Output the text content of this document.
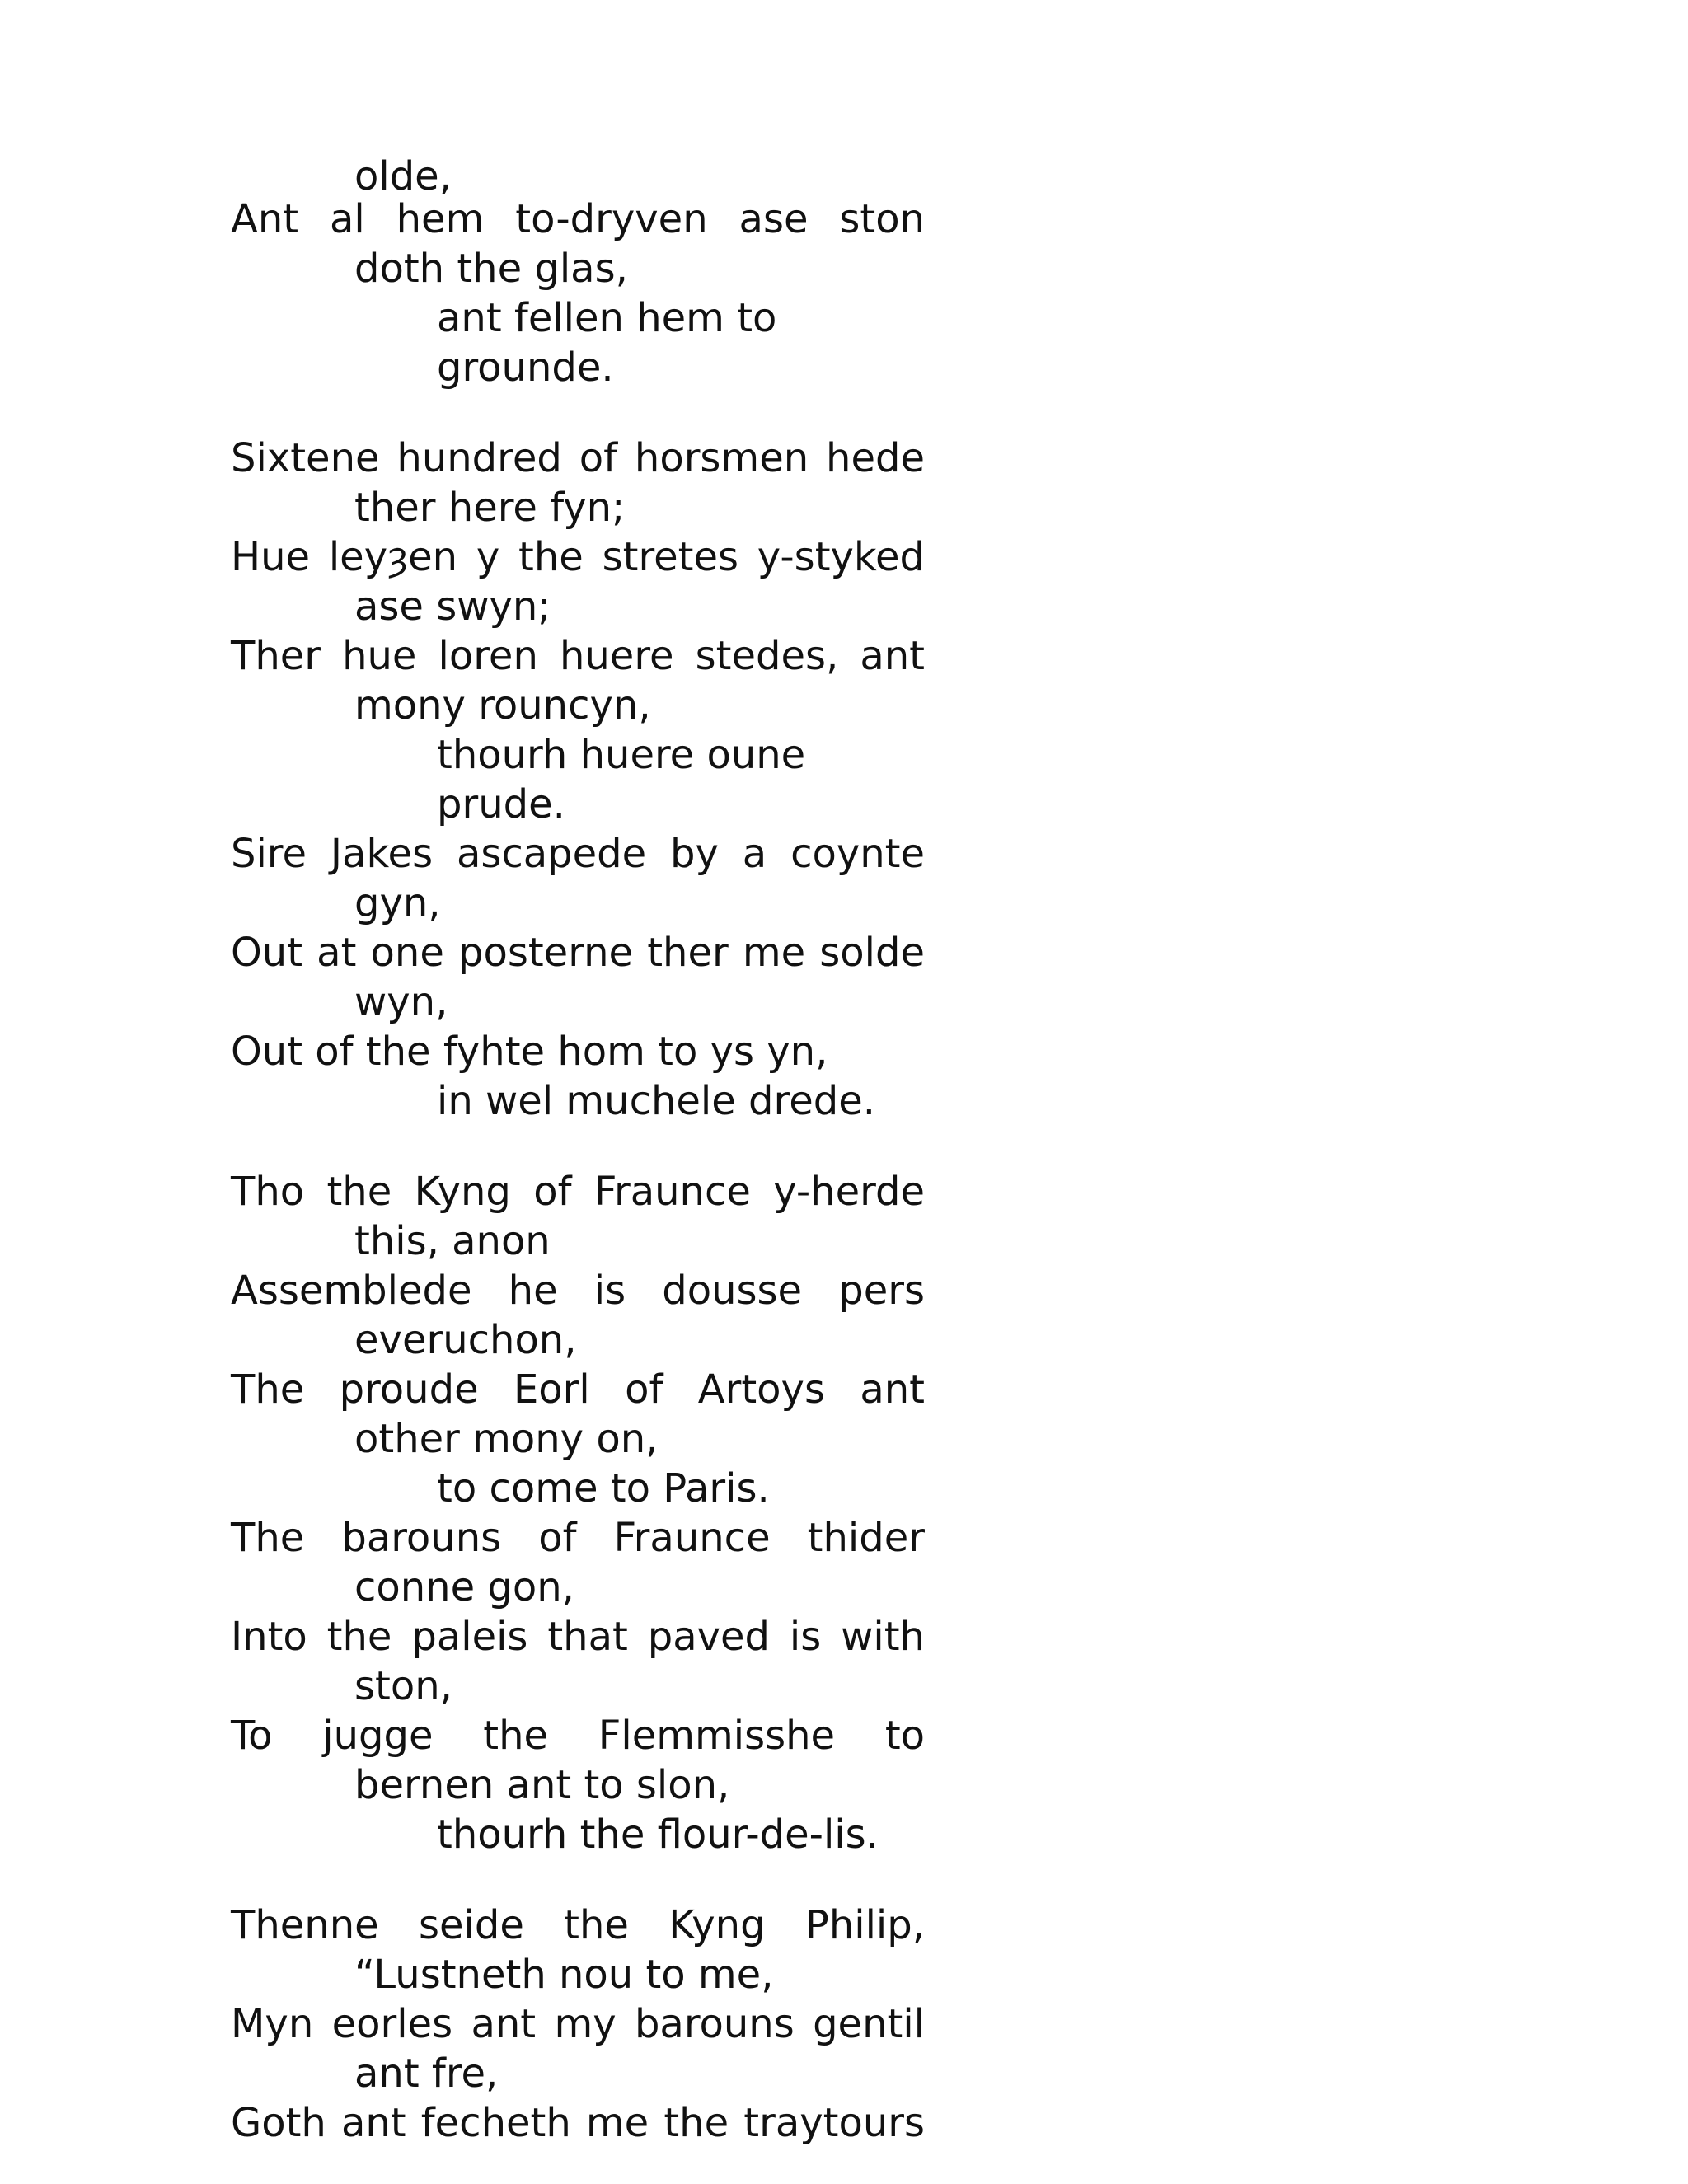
olde,

Ant al hem to-dryven ase ston doth the glas,

ant fellen hem to grounde.

Sixtene hundred of horsmen hede ther here fyn;

Hue leyȝen y the stretes y-styked ase swyn;

Ther hue loren huere stedes, ant mony rouncyn,

thourh huere oune prude.

Sire Jakes ascapede by a coynte gyn,

Out at one posterne ther me solde wyn,

Out of the fyhte hom to ys yn,

in wel muchele drede.

Tho the Kyng of Fraunce y-herde this, anon

Assemblede he is dousse pers everuchon,

The proude Eorl of Artoys ant other mony on,

to come to Paris.

The barouns of Fraunce thider conne gon,

Into the paleis that paved is with ston,

To jugge the Flemmisshe to bernen ant to slon,

thourh the flour-de-lis.

Thenne seide the Kyng Philip, “Lustneth nou to me,

Myn eorles ant my barouns gentil ant fre,

Goth ant fecheth me the traytours
